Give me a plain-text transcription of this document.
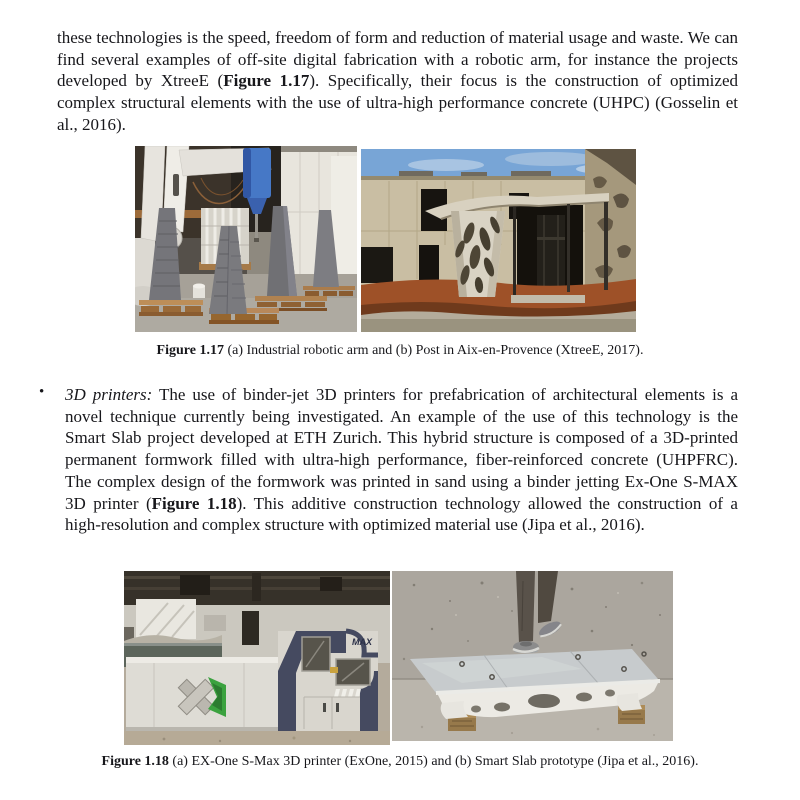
these technologies is the speed, freedom of form and reduction of material usage and waste. We can find several examples of off-site digital fabrication with a robotic arm, for instance the projects developed by XtreeE (Figure 1.17). Specifically, their focus is the construction of optimized complex structural elements with the use of ultra-high performance concrete (UHPC) (Gosselin et al., 2016).

Figure 1.17 (a) Industrial robotic arm and (b) Post in Aix-en-Provence (XtreeE, 2017).

• 3D printers: The use of binder-jet 3D printers for prefabrication of architectural elements is a novel technique currently being investigated. An example of the use of this technology is the Smart Slab project developed at ETH Zurich. This hybrid structure is composed of a 3D-printed permanent formwork filled with ultra-high performance, fiber-reinforced concrete (UHPFRC). The complex design of the formwork was printed in sand using a binder jetting Ex-One S-MAX 3D printer (Figure 1.18). This additive construction technology allowed the construction of a high-resolution and complex structure with optimized material use (Jipa et al., 2016).

MAX

Figure 1.18 (a) EX-One S-Max 3D printer (ExOne, 2015) and (b) Smart Slab prototype (Jipa et al., 2016).
